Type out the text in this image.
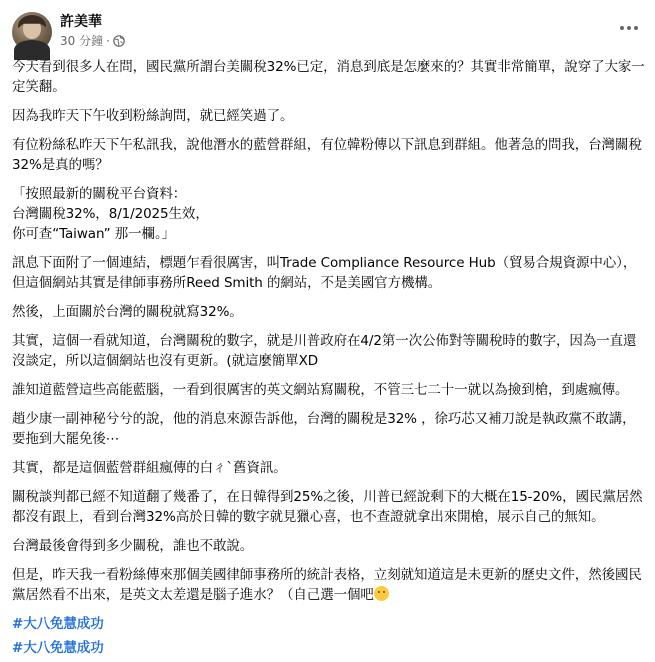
許美華
30 分鐘 ·

今天看到很多人在問，國民黨所謂台美關稅32%已定，消息到底是怎麼來的？其實非常簡單，說穿了大家一定笑翻。

因為我昨天下午收到粉絲詢問，就已經笑過了。

有位粉絲私昨天下午私訊我，說他潛水的藍營群組，有位韓粉傳以下訊息到群組。他著急的問我，台灣關稅32%是真的嗎？

「按照最新的關稅平台資料：
台灣關稅32%，8/1/2025生效，
你可查“Taiwan” 那一欄。」

訊息下面附了一個連結，標題乍看很厲害，叫Trade Compliance Resource Hub（貿易合規資源中心），但這個網站其實是律師事務所Reed Smith 的網站，不是美國官方機構。

然後，上面關於台灣的關稅就寫32%。

其實，這個一看就知道，台灣關稅的數字，就是川普政府在4/2第一次公佈對等關稅時的數字，因為一直還沒談定，所以這個網站也沒有更新。(就這麼簡單XD

誰知道藍營這些高能藍腦，一看到很厲害的英文網站寫關稅，不管三七二十一就以為撿到槍，到處瘋傳。

趙少康一副神秘兮兮的說，他的消息來源告訴他，台灣的關稅是32% ，徐巧芯又補刀說是執政黨不敢講，要拖到大罷免後⋯

其實，都是這個藍營群組瘋傳的白ㄔˋ舊資訊。

關稅談判都已經不知道翻了幾番了，在日韓得到25%之後，川普已經說剩下的大概在15-20%，國民黨居然都沒有跟上，看到台灣32%高於日韓的數字就見獵心喜，也不查證就拿出來開槍，展示自己的無知。

台灣最後會得到多少關稅，誰也不敢說。

但是，昨天我一看粉絲傳來那個美國律師事務所的統計表格，立刻就知道這是未更新的歷史文件，然後國民黨居然看不出來，是英文太差還是腦子進水？（自己選一個吧

#大八免慧成功

#大八免慧成功
